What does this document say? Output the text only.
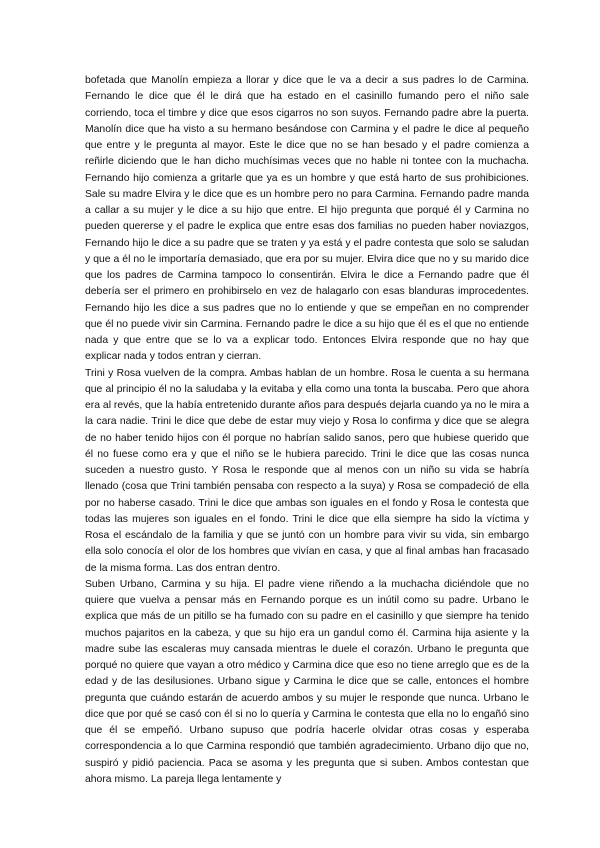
bofetada que Manolín empieza a llorar y dice que le va a decir a sus padres lo de Carmina. Fernando le dice que él le dirá que ha estado en el casinillo fumando pero el niño sale corriendo, toca el timbre y dice que esos cigarros no son suyos. Fernando padre abre la puerta. Manolín dice que ha visto a su hermano besándose con Carmina y el padre le dice al pequeño que entre y le pregunta al mayor. Este le dice que no se han besado y el padre comienza a reñirle diciendo que le han dicho muchísimas veces que no hable ni tontee con la muchacha. Fernando hijo comienza a gritarle que ya es un hombre y que está harto de sus prohibiciones. Sale su madre Elvira y le dice que es un hombre pero no para Carmina. Fernando padre manda a callar a su mujer y le dice a su hijo que entre. El hijo pregunta que porqué él y Carmina no pueden quererse y el padre le explica que entre esas dos familias no pueden haber noviazgos, Fernando hijo le dice a su padre que se traten y ya está y el padre contesta que solo se saludan y que a él no le importaría demasiado, que era por su mujer. Elvira dice que no y su marido dice que los padres de Carmina tampoco lo consentirán. Elvira le dice a Fernando padre que él debería ser el primero en prohibirselo en vez de halagarlo con esas blanduras improcedentes. Fernando hijo les dice a sus padres que no lo entiende y que se empeñan en no comprender que él no puede vivir sin Carmina. Fernando padre le dice a su hijo que él es el que no entiende nada y que entre que se lo va a explicar todo. Entonces Elvira responde que no hay que explicar nada y todos entran y cierran.

Trini y Rosa vuelven de la compra. Ambas hablan de un hombre. Rosa le cuenta a su hermana que al principio él no la saludaba y la evitaba y ella como una tonta la buscaba. Pero que ahora era al revés, que la había entretenido durante años para después dejarla cuando ya no le mira a la cara nadie. Trini le dice que debe de estar muy viejo y Rosa lo confirma y dice que se alegra de no haber tenido hijos con él porque no habrían salido sanos, pero que hubiese querido que él no fuese como era y que el niño se le hubiera parecido. Trini le dice que las cosas nunca suceden a nuestro gusto. Y Rosa le responde que al menos con un niño su vida se habría llenado (cosa que Trini también pensaba con respecto a la suya) y Rosa se compadeció de ella por no haberse casado. Trini le dice que ambas son iguales en el fondo y Rosa le contesta que todas las mujeres son iguales en el fondo. Trini le dice que ella siempre ha sido la víctima y Rosa el escándalo de la familia y que se juntó con un hombre para vivir su vida, sin embargo ella solo conocía el olor de los hombres que vivían en casa, y que al final ambas han fracasado de la misma forma. Las dos entran dentro.

Suben Urbano, Carmina y su hija. El padre viene riñendo a la muchacha diciéndole que no quiere que vuelva a pensar más en Fernando porque es un inútil como su padre. Urbano le explica que más de un pitillo se ha fumado con su padre en el casinillo y que siempre ha tenido muchos pajaritos en la cabeza, y que su hijo era un gandul como él. Carmina hija asiente y la madre sube las escaleras muy cansada mientras le duele el corazón. Urbano le pregunta que porqué no quiere que vayan a otro médico y Carmina dice que eso no tiene arreglo que es de la edad y de las desilusiones. Urbano sigue y Carmina le dice que se calle, entonces el hombre pregunta que cuándo estarán de acuerdo ambos y su mujer le responde que nunca. Urbano le dice que por qué se casó con él si no lo quería y Carmina le contesta que ella no lo engañó sino que él se empeñó. Urbano supuso que podría hacerle olvidar otras cosas y esperaba correspondencia a lo que Carmina respondió que también agradecimiento. Urbano dijo que no, suspiró y pidió paciencia. Paca se asoma y les pregunta que si suben. Ambos contestan que ahora mismo. La pareja llega lentamente y
